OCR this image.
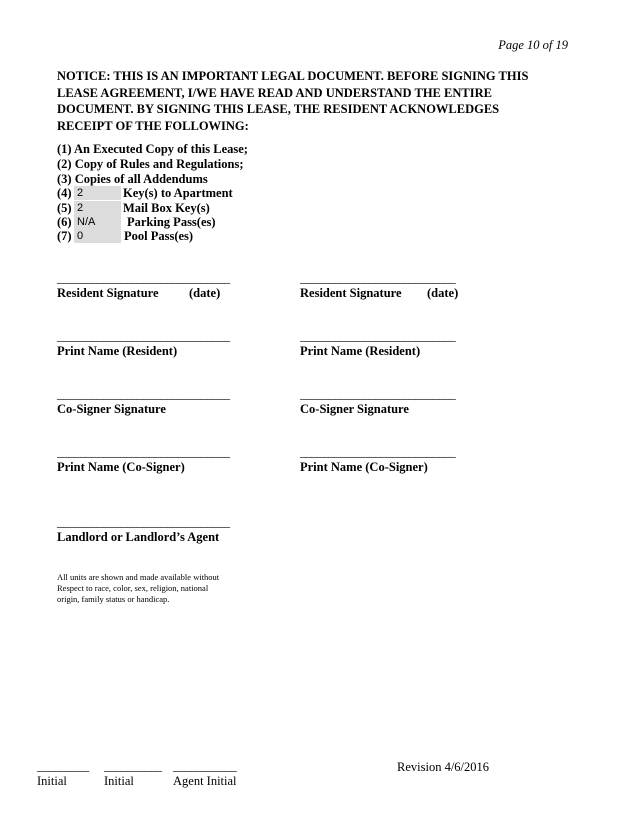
Page 10 of 19
NOTICE: THIS IS AN IMPORTANT LEGAL DOCUMENT. BEFORE SIGNING THIS
LEASE AGREEMENT, I/WE HAVE READ AND UNDERSTAND THE ENTIRE
DOCUMENT. BY SIGNING THIS LEASE, THE RESIDENT ACKNOWLEDGES
RECEIPT OF THE FOLLOWING:
(1) An Executed Copy of this Lease;
(2) Copy of Rules and Regulations;
(3) Copies of all Addendums
(4) 2	Key(s) to Apartment
(5) 2	Mail Box Key(s)
(6) N/A	Parking Pass(es)
(7) 0	Pool Pass(es)
______________________________
Resident Signature (date)
______________________________
Print Name (Resident)
______________________________
Co-Signer Signature
______________________________
Print Name (Co-Signer)
______________________________
Landlord or Landlord’s Agent
___________________________
Resident Signature (date)
___________________________
Print Name (Resident)
___________________________
Co-Signer Signature
___________________________
Print Name (Co-Signer)
All units are shown and made available without
Respect to race, color, sex, religion, national
origin, family status or handicap.
_________ __________ ___________
Initial	Initial	Agent Initial
Revision 4/6/2016
